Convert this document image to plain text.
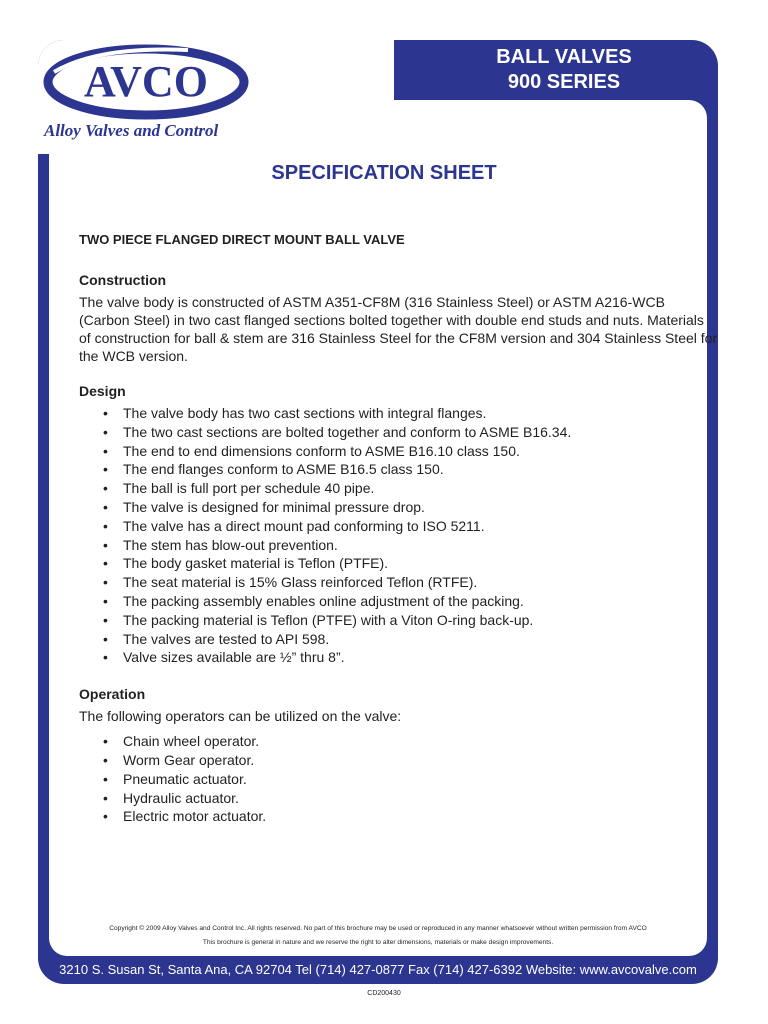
AVCO
Alloy Valves and Control
BALL VALVES
900 SERIES
SPECIFICATION SHEET
TWO PIECE FLANGED DIRECT MOUNT BALL VALVE
Construction
The valve body is constructed of ASTM A351-CF8M (316 Stainless Steel) or ASTM A216-WCB (Carbon Steel) in two cast flanged sections bolted together with double end studs and nuts. Materials of construction for ball & stem are 316 Stainless Steel for the CF8M version and 304 Stainless Steel for the WCB version.
Design
• The valve body has two cast sections with integral flanges.
• The two cast sections are bolted together and conform to ASME B16.34.
• The end to end dimensions conform to ASME B16.10 class 150.
• The end flanges conform to ASME B16.5 class 150.
• The ball is full port per schedule 40 pipe.
• The valve is designed for minimal pressure drop.
• The valve has a direct mount pad conforming to ISO 5211.
• The stem has blow-out prevention.
• The body gasket material is Teflon (PTFE).
• The seat material is 15% Glass reinforced Teflon (RTFE).
• The packing assembly enables online adjustment of the packing.
• The packing material is Teflon (PTFE) with a Viton O-ring back-up.
• The valves are tested to API 598.
• Valve sizes available are ½” thru 8”.
Operation
The following operators can be utilized on the valve:
• Chain wheel operator.
• Worm Gear operator.
• Pneumatic actuator.
• Hydraulic actuator.
• Electric motor actuator.
Copyright © 2009 Alloy Valves and Control Inc. All rights reserved. No part of this brochure may be used or reproduced in any manner whatsoever without written permission from AVCO
This brochure is general in nature and we reserve the right to alter dimensions, materials or make design improvements.
3210 S. Susan St, Santa Ana, CA 92704 Tel (714) 427-0877 Fax (714) 427-6392 Website: www.avcovalve.com
CD200430
